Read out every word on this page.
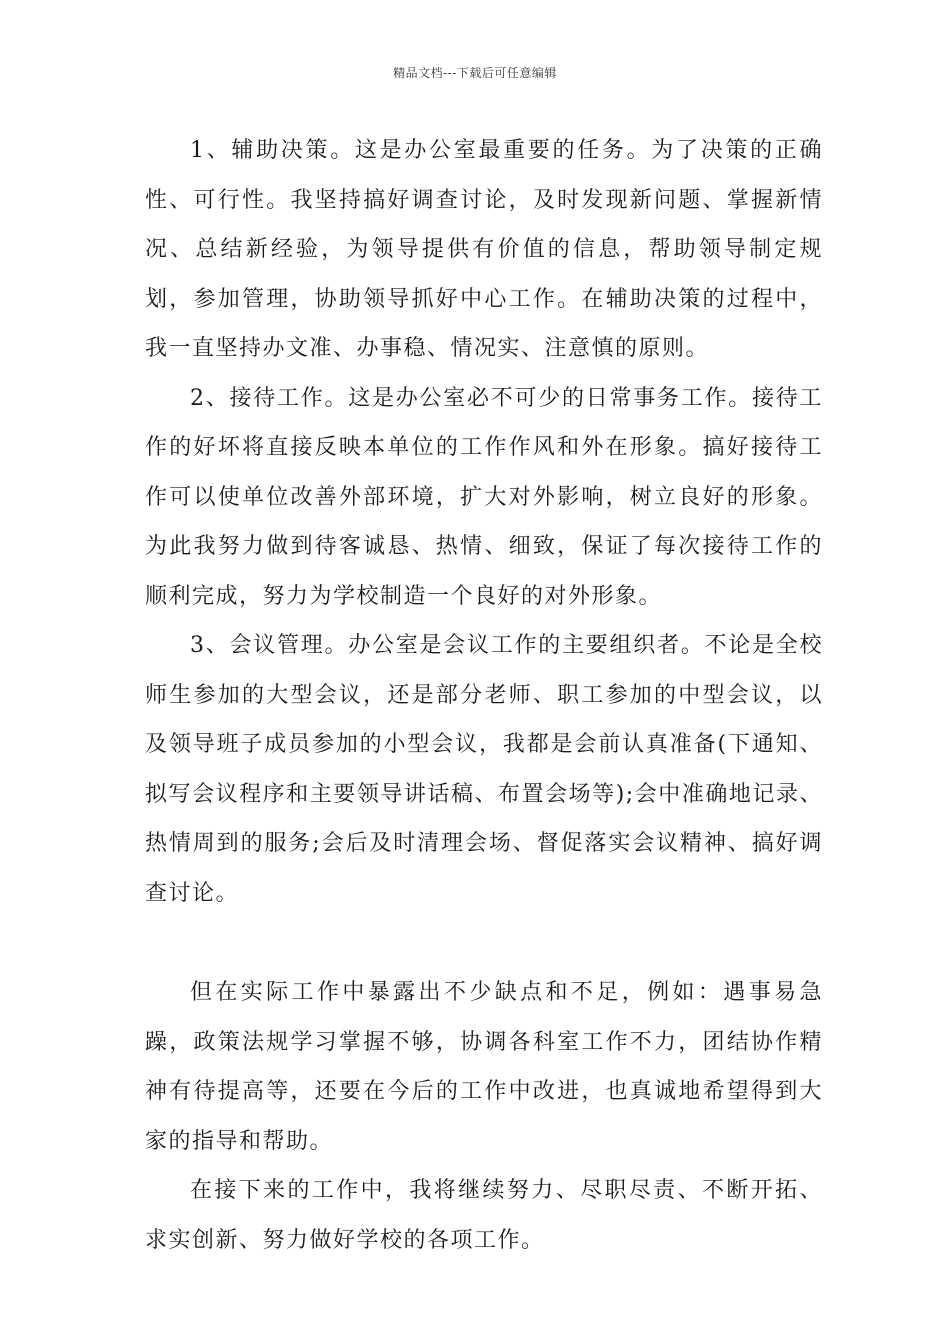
精品文档---下载后可任意编辑

1、辅助决策。这是办公室最重要的任务。为了决策的正确性、可行性。我坚持搞好调查讨论，及时发现新问题、掌握新情况、总结新经验，为领导提供有价值的信息，帮助领导制定规划，参加管理，协助领导抓好中心工作。在辅助决策的过程中，我一直坚持办文准、办事稳、情况实、注意慎的原则。

2、接待工作。这是办公室必不可少的日常事务工作。接待工作的好坏将直接反映本单位的工作作风和外在形象。搞好接待工作可以使单位改善外部环境，扩大对外影响，树立良好的形象。为此我努力做到待客诚恳、热情、细致，保证了每次接待工作的顺利完成，努力为学校制造一个良好的对外形象。

3、会议管理。办公室是会议工作的主要组织者。不论是全校师生参加的大型会议，还是部分老师、职工参加的中型会议，以及领导班子成员参加的小型会议，我都是会前认真准备(下通知、拟写会议程序和主要领导讲话稿、布置会场等);会中准确地记录、热情周到的服务;会后及时清理会场、督促落实会议精神、搞好调查讨论。

但在实际工作中暴露出不少缺点和不足，例如：遇事易急躁，政策法规学习掌握不够，协调各科室工作不力，团结协作精神有待提高等，还要在今后的工作中改进，也真诚地希望得到大家的指导和帮助。

在接下来的工作中，我将继续努力、尽职尽责、不断开拓、求实创新、努力做好学校的各项工作。
